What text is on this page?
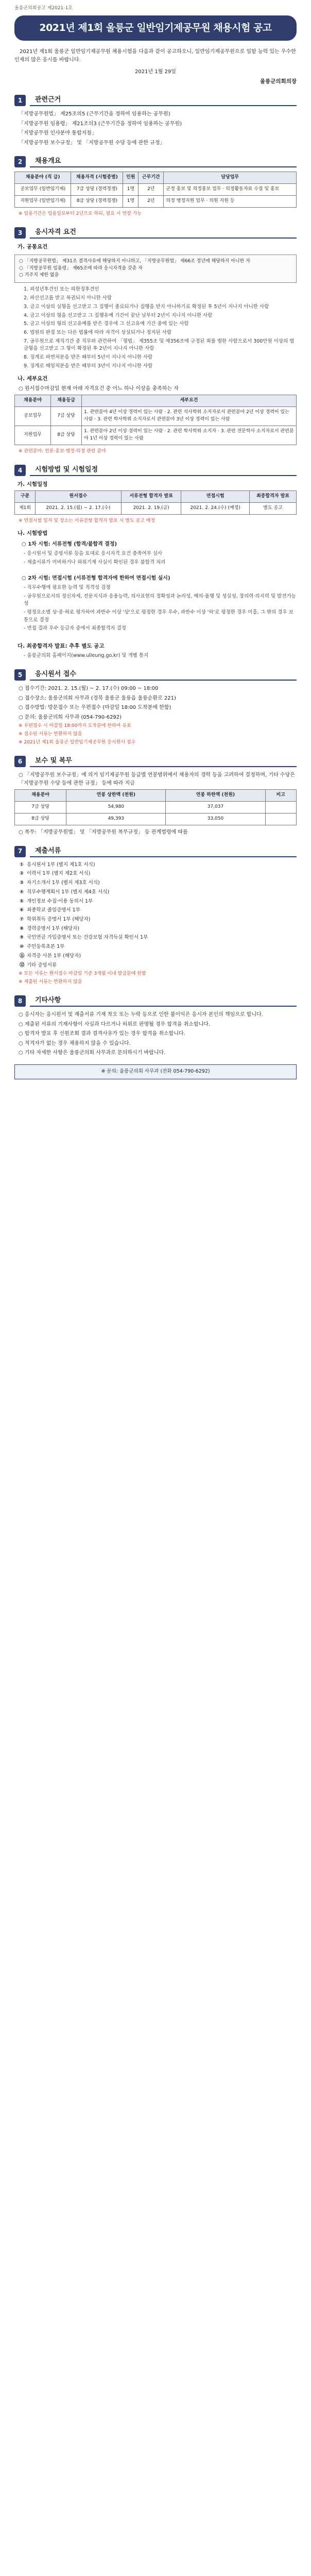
울릉군의회공고 제2021-1호
2021년 제1회 울릉군 일반임기제공무원 채용시험 공고
2021년 제1회 울릉군 일반임기제공무원 채용시험을 다음과 같이 공고하오니, 일반임기제공무원으로 일할 능력 있는 우수한 인재의 많은 응시를 바랍니다.
2021년 1월 29일
울릉군의회의장
1	관련근거
「지방공무원법」 제25조의5 (근무기간을 정하여 임용하는 공무원)
「지방공무원 임용령」 제21조의3 (근무기간을 정하여 임용하는 공무원)
「지방공무원 인사분야 통합지침」
「지방공무원 보수규정」 및 「지방공무원 수당 등에 관한 규정」
2	채용개요
채용분야 (직 급)	채용자격 (시험종별)	인원	근무기간	담당업무
공보업무 (일반임기제)	7급 상당 (경력경쟁)	1명	2년	군정 홍보 및 의정홍보 업무 · 의정활동자료 수집 및 홍보
지원업무 (일반임기제)	8급 상당 (경력경쟁)	1명	2년	의정 행정지원 업무 · 의원 지원 등
※ 임용기간은 임용일로부터 2년으로 하되, 필요 시 연장 가능
3	응시자격 요건
가. 공통요건
○ 「지방공무원법」 제31조 결격사유에 해당하지 아니하고, 「지방공무원법」 제66조 정년에 해당하지 아니한 자
○ 「지방공무원 임용령」 제65조에 따라 응시자격을 갖춘 자
○ 거주지 제한 없음
1. 피성년후견인 또는 피한정후견인
2. 파산선고를 받고 복권되지 아니한 사람
3. 금고 이상의 실형을 선고받고 그 집행이 종료되거나 집행을 받지 아니하기로 확정된 후 5년이 지나지 아니한 사람
4. 금고 이상의 형을 선고받고 그 집행유예 기간이 끝난 날부터 2년이 지나지 아니한 사람
5. 금고 이상의 형의 선고유예를 받은 경우에 그 선고유예 기간 중에 있는 사람
6. 법원의 판결 또는 다른 법률에 따라 자격이 상실되거나 정지된 사람
7. 공무원으로 재직기간 중 직무와 관련하여 「형법」 제355조 및 제356조에 규정된 죄를 범한 사람으로서 300만원 이상의 벌금형을 선고받고 그 형이 확정된 후 2년이 지나지 아니한 사람
8. 징계로 파면처분을 받은 때부터 5년이 지나지 아니한 사람
9. 징계로 해임처분을 받은 때부터 3년이 지나지 아니한 사람
나. 세부요건
○ 원서접수마감일 현재 아래 자격요건 중 어느 하나 이상을 충족하는 자
채용분야	채용등급	세부요건
공보업무	7급 상당	1. 관련분야 4년 이상 경력이 있는 사람 · 2. 관련 석사학위 소지자로서 관련분야 2년 이상 경력이 있는 사람 · 3. 관련 학사학위 소지자로서 관련분야 3년 이상 경력이 있는 사람
지원업무	8급 상당	1. 관련분야 2년 이상 경력이 있는 사람 · 2. 관련 학사학위 소지자 · 3. 관련 전문학사 소지자로서 관련분야 1년 이상 경력이 있는 사람
※ 관련분야: 언론·홍보·행정·의정 관련 분야
4	시험방법 및 시험일정
가. 시험일정
구분	원서접수	서류전형 합격자 발표	면접시험	최종합격자 발표
제1회	2021. 2. 15.(월) ~ 2. 17.(수)	2021. 2. 19.(금)	2021. 2. 24.(수) (예정)	별도 공고
※ 면접시험 일자 및 장소는 서류전형 합격자 발표 시 별도 공고 예정
나. 시험방법
○ 1차 시험: 서류전형 (합격/불합격 결정)
- 응시원서 및 증빙서류 등을 토대로 응시자격 요건 충족여부 심사
- 제출서류가 미비하거나 허위기재 사실이 확인된 경우 불합격 처리
○ 2차 시험: 면접시험 (서류전형 합격자에 한하여 면접시험 실시)
- 직무수행에 필요한 능력 및 적격성 검정
- 공무원으로서의 정신자세, 전문지식과 응용능력, 의사표현의 정확성과 논리성, 예의·품행 및 성실성, 창의력·의지력 및 발전가능성
- 평정요소별 상·중·하로 평가하여 과반수 이상 '상'으로 평정한 경우 우수, 과반수 이상 '하'로 평정한 경우 미흡, 그 밖의 경우 보통으로 결정
- 면접 결과 우수 등급자 중에서 최종합격자 결정
다. 최종합격자 발표: 추후 별도 공고
- 울릉군의회 홈페이지(www.ulleung.go.kr) 및 개별 통지
5	응시원서 접수
○ 접수기간: 2021. 2. 15.(월) ~ 2. 17.(수) 09:00 ~ 18:00
○ 접수장소: 울릉군의회 사무과 (경북 울릉군 울릉읍 울릉순환로 221)
○ 접수방법: 방문접수 또는 우편접수 (마감일 18:00 도착분에 한함)
○ 문의: 울릉군의회 사무과 (054-790-6292)
※ 우편접수 시 마감일 18:00까지 도착분에 한하여 유효
※ 접수된 서류는 반환하지 않음
※ 2021년 제1회 울릉군 일반임기제공무원 응시원서 접수
6	보수 및 복무
○ 「지방공무원 보수규정」에 의거 임기제공무원 등급별 연봉범위에서 채용자의 경력 등을 고려하여 결정하며, 기타 수당은 「지방공무원 수당 등에 관한 규정」 등에 따라 지급
채용분야	연봉 상한액 (천원)	연봉 하한액 (천원)	비고
7급 상당	54,980	37,037	
8급 상당	49,393	33,050	
○ 복무: 「지방공무원법」 및 「지방공무원 복무규정」 등 관계법령에 따름
7	제출서류
① 응시원서 1부 (별지 제1호 서식)
② 이력서 1부 (별지 제2호 서식)
③ 자기소개서 1부 (별지 제3호 서식)
④ 직무수행계획서 1부 (별지 제4호 서식)
⑤ 개인정보 수집·이용 동의서 1부
⑥ 최종학교 졸업증명서 1부
⑦ 학위취득 증명서 1부 (해당자)
⑧ 경력증명서 1부 (해당자)
⑨ 국민연금 가입증명서 또는 건강보험 자격득실 확인서 1부
⑩ 주민등록초본 1부
⑪ 자격증 사본 1부 (해당자)
⑫ 기타 증빙서류
※ 모든 서류는 원서접수 마감일 기준 3개월 이내 발급분에 한함
※ 제출된 서류는 반환하지 않음
8	기타사항
○ 응시자는 응시원서 및 제출서류 기재 착오 또는 누락 등으로 인한 불이익은 응시자 본인의 책임으로 합니다.
○ 제출된 서류의 기재사항이 사실과 다르거나 허위로 판명될 경우 합격을 취소합니다.
○ 합격자 발표 후 신원조회 결과 결격사유가 있는 경우 합격을 취소합니다.
○ 적격자가 없는 경우 채용하지 않을 수 있습니다.
○ 기타 자세한 사항은 울릉군의회 사무과로 문의하시기 바랍니다.
※ 문의: 울릉군의회 사무과 (전화 054-790-6292)
